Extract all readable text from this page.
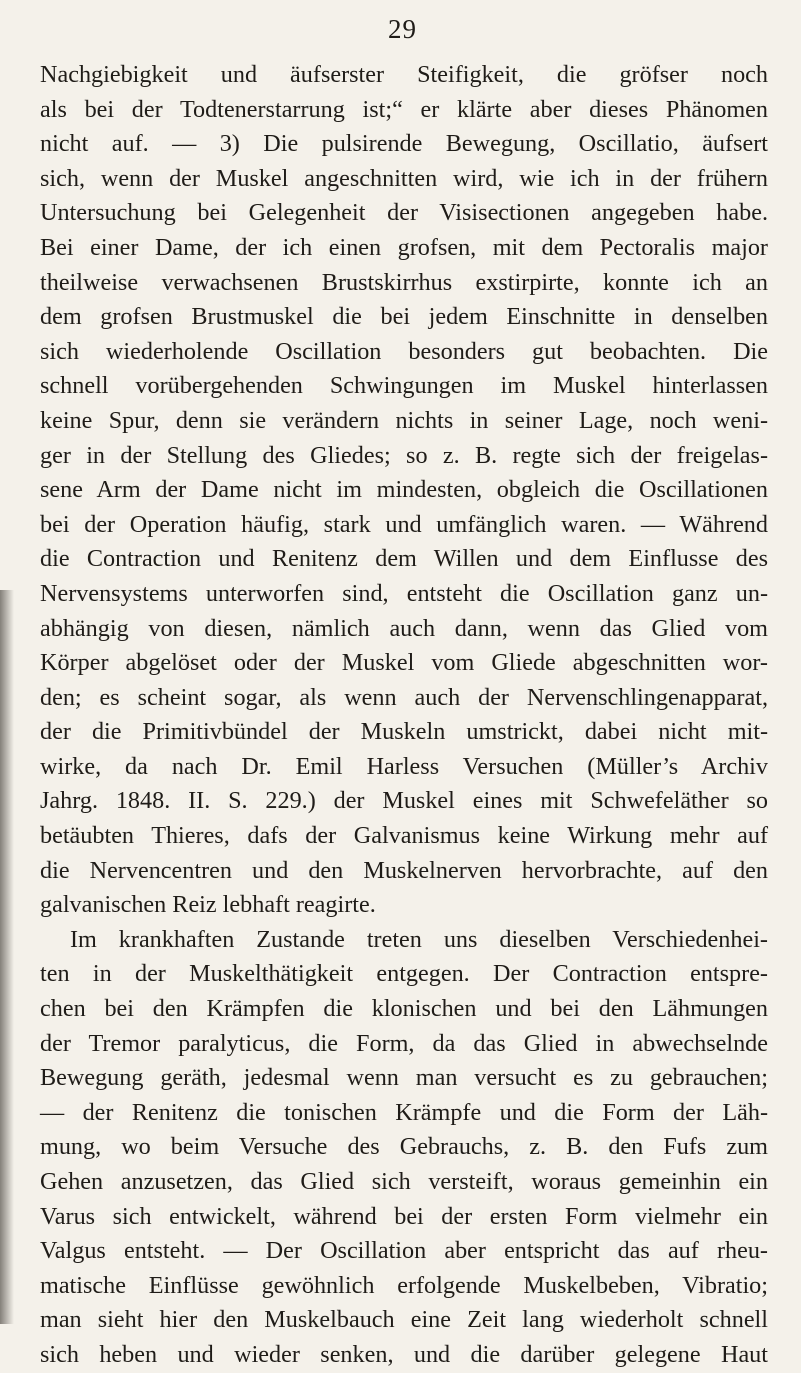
29
Nachgiebigkeit und äufserster Steifigkeit, die gröfser noch
als bei der Todtenerstarrung ist;“ er klärte aber dieses Phänomen
nicht auf. — 3) Die pulsirende Bewegung, Oscillatio, äufsert
sich, wenn der Muskel angeschnitten wird, wie ich in der frühern
Untersuchung bei Gelegenheit der Visisectionen angegeben habe.
Bei einer Dame, der ich einen grofsen, mit dem Pectoralis major
theilweise verwachsenen Brustskirrhus exstirpirte, konnte ich an
dem grofsen Brustmuskel die bei jedem Einschnitte in denselben
sich wiederholende Oscillation besonders gut beobachten. Die
schnell vorübergehenden Schwingungen im Muskel hinterlassen
keine Spur, denn sie verändern nichts in seiner Lage, noch weni-
ger in der Stellung des Gliedes; so z. B. regte sich der freigelas-
sene Arm der Dame nicht im mindesten, obgleich die Oscillationen
bei der Operation häufig, stark und umfänglich waren. — Während
die Contraction und Renitenz dem Willen und dem Einflusse des
Nervensystems unterworfen sind, entsteht die Oscillation ganz un-
abhängig von diesen, nämlich auch dann, wenn das Glied vom
Körper abgelöset oder der Muskel vom Gliede abgeschnitten wor-
den; es scheint sogar, als wenn auch der Nervenschlingenapparat,
der die Primitivbündel der Muskeln umstrickt, dabei nicht mit-
wirke, da nach Dr. Emil Harless Versuchen (Müller’s Archiv
Jahrg. 1848. II. S. 229.) der Muskel eines mit Schwefeläther so
betäubten Thieres, dafs der Galvanismus keine Wirkung mehr auf
die Nervencentren und den Muskelnerven hervorbrachte, auf den
galvanischen Reiz lebhaft reagirte.
Im krankhaften Zustande treten uns dieselben Verschiedenhei-
ten in der Muskelthätigkeit entgegen. Der Contraction entspre-
chen bei den Krämpfen die klonischen und bei den Lähmungen
der Tremor paralyticus, die Form, da das Glied in abwechselnde
Bewegung geräth, jedesmal wenn man versucht es zu gebrauchen;
— der Renitenz die tonischen Krämpfe und die Form der Läh-
mung, wo beim Versuche des Gebrauchs, z. B. den Fufs zum
Gehen anzusetzen, das Glied sich versteift, woraus gemeinhin ein
Varus sich entwickelt, während bei der ersten Form vielmehr ein
Valgus entsteht. — Der Oscillation aber entspricht das auf rheu-
matische Einflüsse gewöhnlich erfolgende Muskelbeben, Vibratio;
man sieht hier den Muskelbauch eine Zeit lang wiederholt schnell
sich heben und wieder senken, und die darüber gelegene Haut
